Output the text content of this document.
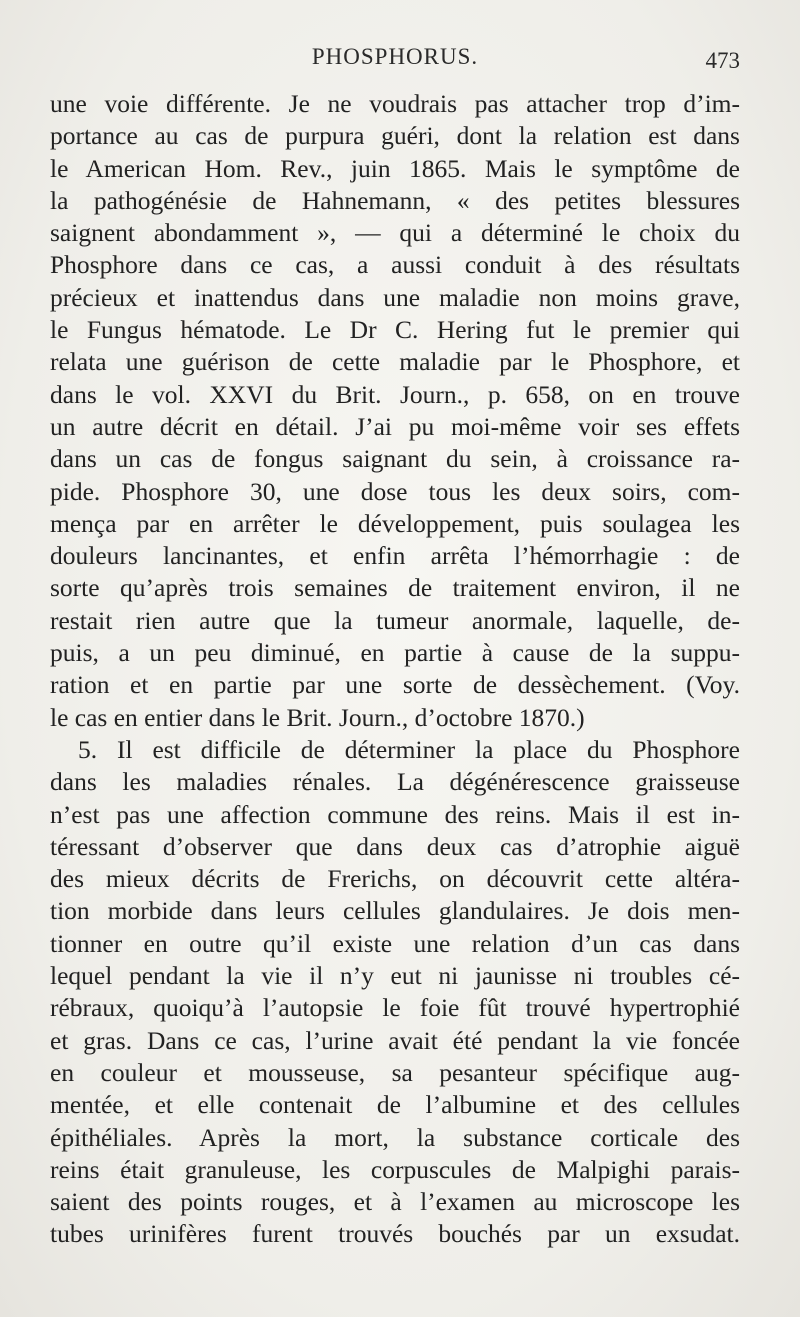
PHOSPHORUS.	473
une voie différente. Je ne voudrais pas attacher trop d’im-
portance au cas de purpura guéri, dont la relation est dans
le American Hom. Rev., juin 1865. Mais le symptôme de
la pathogénésie de Hahnemann, « des petites blessures
saignent abondamment », — qui a déterminé le choix du
Phosphore dans ce cas, a aussi conduit à des résultats
précieux et inattendus dans une maladie non moins grave,
le Fungus hématode. Le Dr C. Hering fut le premier qui
relata une guérison de cette maladie par le Phosphore, et
dans le vol. XXVI du Brit. Journ., p. 658, on en trouve
un autre décrit en détail. J’ai pu moi-même voir ses effets
dans un cas de fongus saignant du sein, à croissance ra-
pide. Phosphore 30, une dose tous les deux soirs, com-
mença par en arrêter le développement, puis soulagea les
douleurs lancinantes, et enfin arrêta l’hémorrhagie : de
sorte qu’après trois semaines de traitement environ, il ne
restait rien autre que la tumeur anormale, laquelle, de-
puis, a un peu diminué, en partie à cause de la suppu-
ration et en partie par une sorte de dessèchement. (Voy.
le cas en entier dans le Brit. Journ., d’octobre 1870.)
5. Il est difficile de déterminer la place du Phosphore
dans les maladies rénales. La dégénérescence graisseuse
n’est pas une affection commune des reins. Mais il est in-
téressant d’observer que dans deux cas d’atrophie aiguë
des mieux décrits de Frerichs, on découvrit cette altéra-
tion morbide dans leurs cellules glandulaires. Je dois men-
tionner en outre qu’il existe une relation d’un cas dans
lequel pendant la vie il n’y eut ni jaunisse ni troubles cé-
rébraux, quoiqu’à l’autopsie le foie fût trouvé hypertrophié
et gras. Dans ce cas, l’urine avait été pendant la vie foncée
en couleur et mousseuse, sa pesanteur spécifique aug-
mentée, et elle contenait de l’albumine et des cellules
épithéliales. Après la mort, la substance corticale des
reins était granuleuse, les corpuscules de Malpighi parais-
saient des points rouges, et à l’examen au microscope les
tubes urinifères furent trouvés bouchés par un exsudat.
